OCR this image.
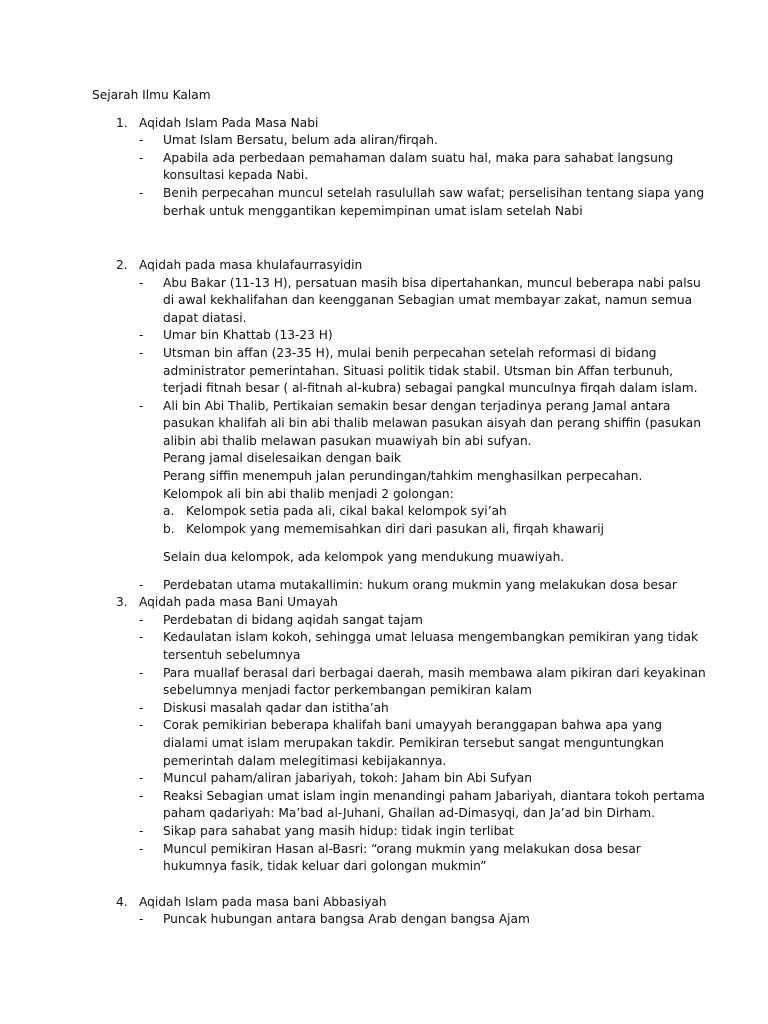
Sejarah Ilmu Kalam
1. Aqidah Islam Pada Masa Nabi
- Umat Islam Bersatu, belum ada aliran/firqah.
- Apabila ada perbedaan pemahaman dalam suatu hal, maka para sahabat langsung
konsultasi kepada Nabi.
- Benih perpecahan muncul setelah rasulullah saw wafat; perselisihan tentang siapa yang
berhak untuk menggantikan kepemimpinan umat islam setelah Nabi
2. Aqidah pada masa khulafaurrasyidin
- Abu Bakar (11-13 H), persatuan masih bisa dipertahankan, muncul beberapa nabi palsu
di awal kekhalifahan dan keengganan Sebagian umat membayar zakat, namun semua
dapat diatasi.
- Umar bin Khattab (13-23 H)
- Utsman bin affan (23-35 H), mulai benih perpecahan setelah reformasi di bidang
administrator pemerintahan. Situasi politik tidak stabil. Utsman bin Affan terbunuh,
terjadi fitnah besar ( al-fitnah al-kubra) sebagai pangkal munculnya firqah dalam islam.
- Ali bin Abi Thalib, Pertikaian semakin besar dengan terjadinya perang Jamal antara
pasukan khalifah ali bin abi thalib melawan pasukan aisyah dan perang shiffin (pasukan
alibin abi thalib melawan pasukan muawiyah bin abi sufyan.
Perang jamal diselesaikan dengan baik
Perang siffin menempuh jalan perundingan/tahkim menghasilkan perpecahan.
Kelompok ali bin abi thalib menjadi 2 golongan:
a. Kelompok setia pada ali, cikal bakal kelompok syi’ah
b. Kelompok yang mememisahkan diri dari pasukan ali, firqah khawarij
Selain dua kelompok, ada kelompok yang mendukung muawiyah.
- Perdebatan utama mutakallimin: hukum orang mukmin yang melakukan dosa besar
3. Aqidah pada masa Bani Umayah
- Perdebatan di bidang aqidah sangat tajam
- Kedaulatan islam kokoh, sehingga umat leluasa mengembangkan pemikiran yang tidak
tersentuh sebelumnya
- Para muallaf berasal dari berbagai daerah, masih membawa alam pikiran dari keyakinan
sebelumnya menjadi factor perkembangan pemikiran kalam
- Diskusi masalah qadar dan istitha’ah
- Corak pemikirian beberapa khalifah bani umayyah beranggapan bahwa apa yang
dialami umat islam merupakan takdir. Pemikiran tersebut sangat menguntungkan
pemerintah dalam melegitimasi kebijakannya.
- Muncul paham/aliran jabariyah, tokoh: Jaham bin Abi Sufyan
- Reaksi Sebagian umat islam ingin menandingi paham Jabariyah, diantara tokoh pertama
paham qadariyah: Ma’bad al-Juhani, Ghailan ad-Dimasyqi, dan Ja’ad bin Dirham.
- Sikap para sahabat yang masih hidup: tidak ingin terlibat
- Muncul pemikiran Hasan al-Basri: “orang mukmin yang melakukan dosa besar
hukumnya fasik, tidak keluar dari golongan mukmin”
4. Aqidah Islam pada masa bani Abbasiyah
- Puncak hubungan antara bangsa Arab dengan bangsa Ajam
